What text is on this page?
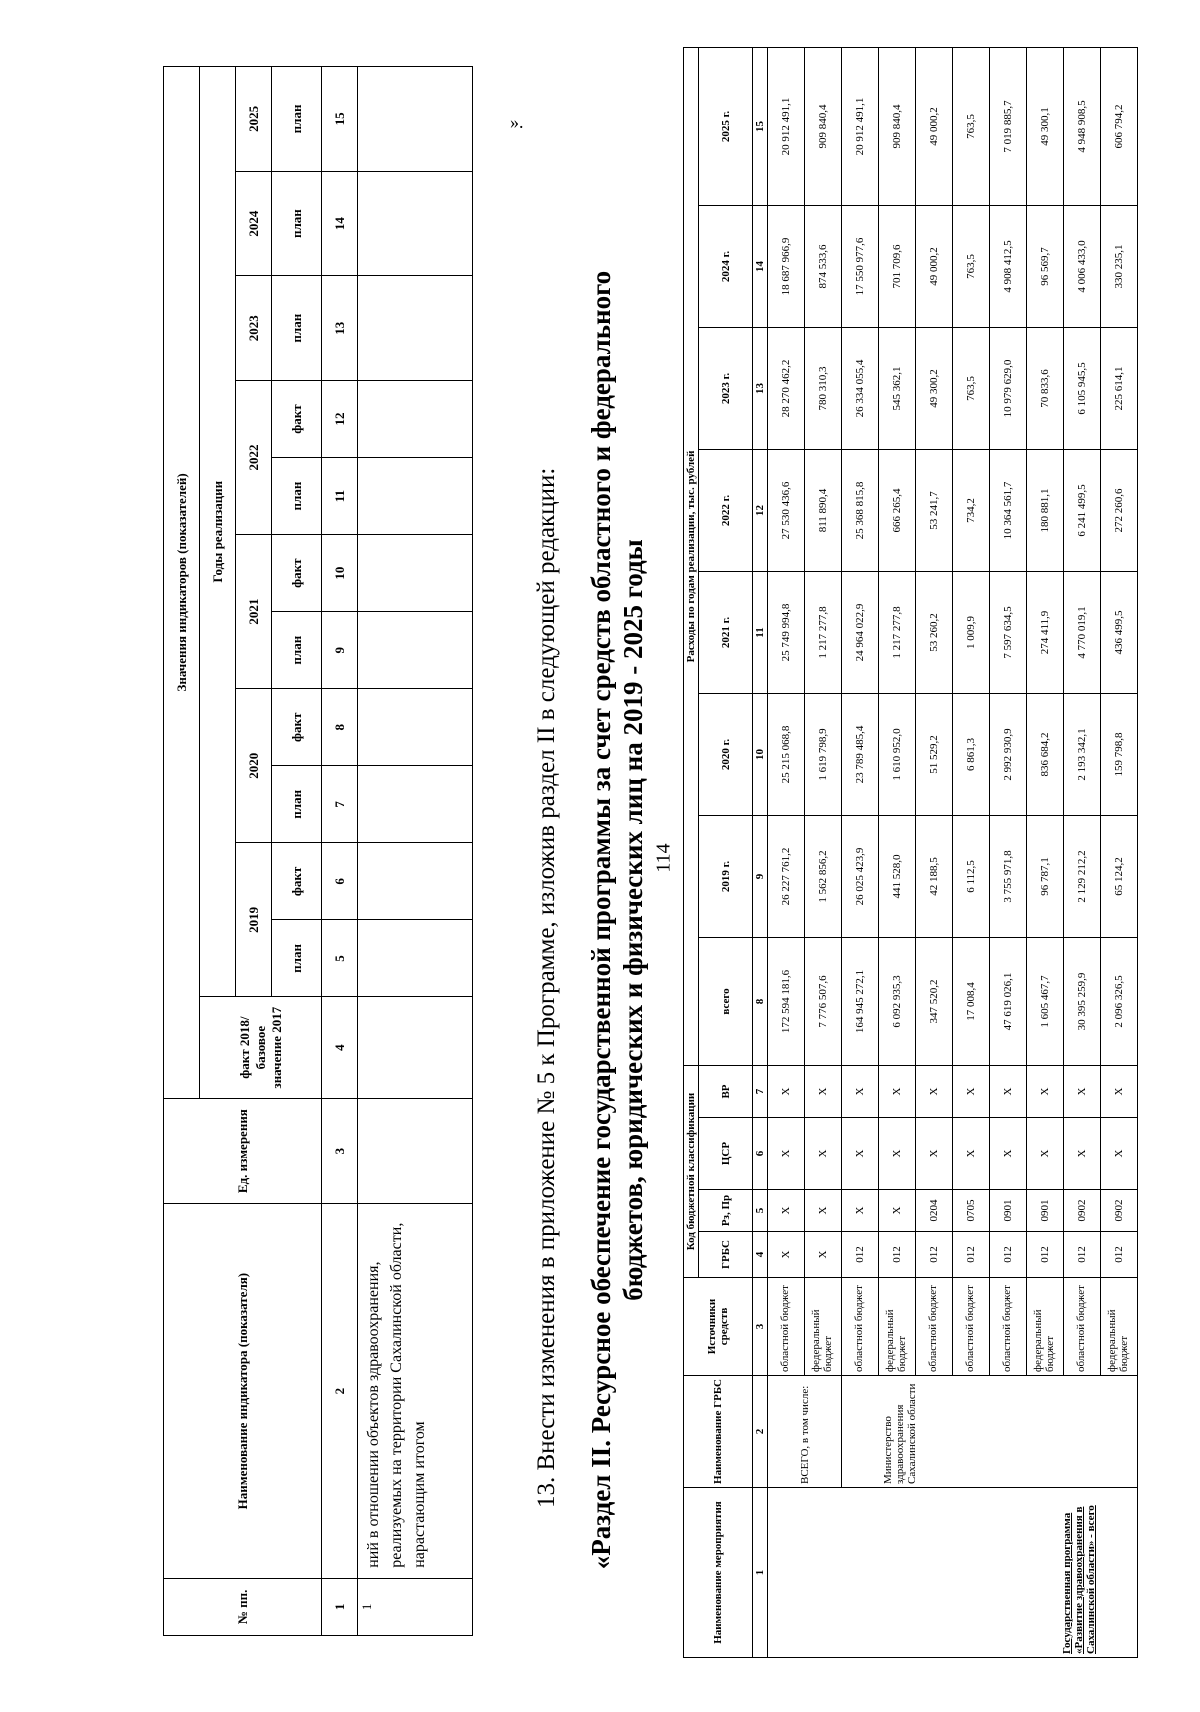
114
№ пп.	Наименование индикатора (показателя)	Ед. измерения	Значения индикаторов (показателей)											
			факт 2018/базовое значение 2017	Годы реализации										
				2019		2020		2021		2022		2023	2024	2025
				план	факт	план	факт	план	факт	план	факт	план	план	план
1	2	3	4	5	6	7	8	9	10	11	12	13	14	15
1	ний в отношении объектов здравоохранения, реализуемых на территории Сахалинской области, нарастающим итогом													
».
13. Внести изменения в приложение № 5 к Программе, изложив раздел II в следующей редакции: «Раздел II. Ресурсное обеспечение государственной программы за счет средств областного и федерального бюджетов, юридических и физических лиц на 2019 - 2025 годы
Наименование мероприятия	Наименование ГРБС	Источники средств	Код бюджетной классификации				Расходы по годам реализации, тыс. рублей							
			ГРБС	Рз, Пр	ЦСР	ВР	всего	2019 г.	2020 г.	2021 г.	2022 г.	2023 г.	2024 г.	2025 г.
1	2	3	4	5	6	7	8	9	10	11	12	13	14	15
Государственная программа «Развитие здравоохранения в Сахалинской области» - всего	ВСЕГО, в том числе:	областной бюджет	Х	Х	Х	Х	172 594 181,6	26 227 761,2	25 215 068,8	25 749 994,8	27 530 436,6	28 270 462,2	18 687 966,9	20 912 491,1
		федеральный бюджет	Х	Х	Х	Х	7 776 507,6	1 562 856,2	1 619 798,9	1 217 277,8	811 890,4	780 310,3	874 533,6	909 840,4
	Министерство здравоохранения Сахалинской области	областной бюджет	012	Х	Х	Х	164 945 272,1	26 025 423,9	23 789 485,4	24 964 022,9	25 368 815,8	26 334 055,4	17 550 977,6	20 912 491,1
		федеральный бюджет	012	Х	Х	Х	6 092 935,3	441 528,0	1 610 952,0	1 217 277,8	666 265,4	545 362,1	701 709,6	909 840,4
		областной бюджет	012	0204	Х	Х	347 520,2	42 188,5	51 529,2	53 260,2	53 241,7	49 300,2	49 000,2	49 000,2
		областной бюджет	012	0705	Х	Х	17 008,4	6 112,5	6 861,3	1 009,9	734,2	763,5	763,5	763,5
		областной бюджет	012	0901	Х	Х	47 619 026,1	3 755 971,8	2 992 930,9	7 597 634,5	10 364 561,7	10 979 629,0	4 908 412,5	7 019 885,7
		федеральный бюджет	012	0901	Х	Х	1 605 467,7	96 787,1	836 684,2	274 411,9	180 881,1	70 833,6	96 569,7	49 300,1
		областной бюджет	012	0902	Х	Х	30 395 259,9	2 129 212,2	2 193 342,1	4 770 019,1	6 241 499,5	6 105 945,5	4 006 433,0	4 948 908,5
		федеральный бюджет	012	0902	Х	Х	2 096 326,5	65 124,2	159 798,8	436 499,5	272 260,6	225 614,1	330 235,1	606 794,2
